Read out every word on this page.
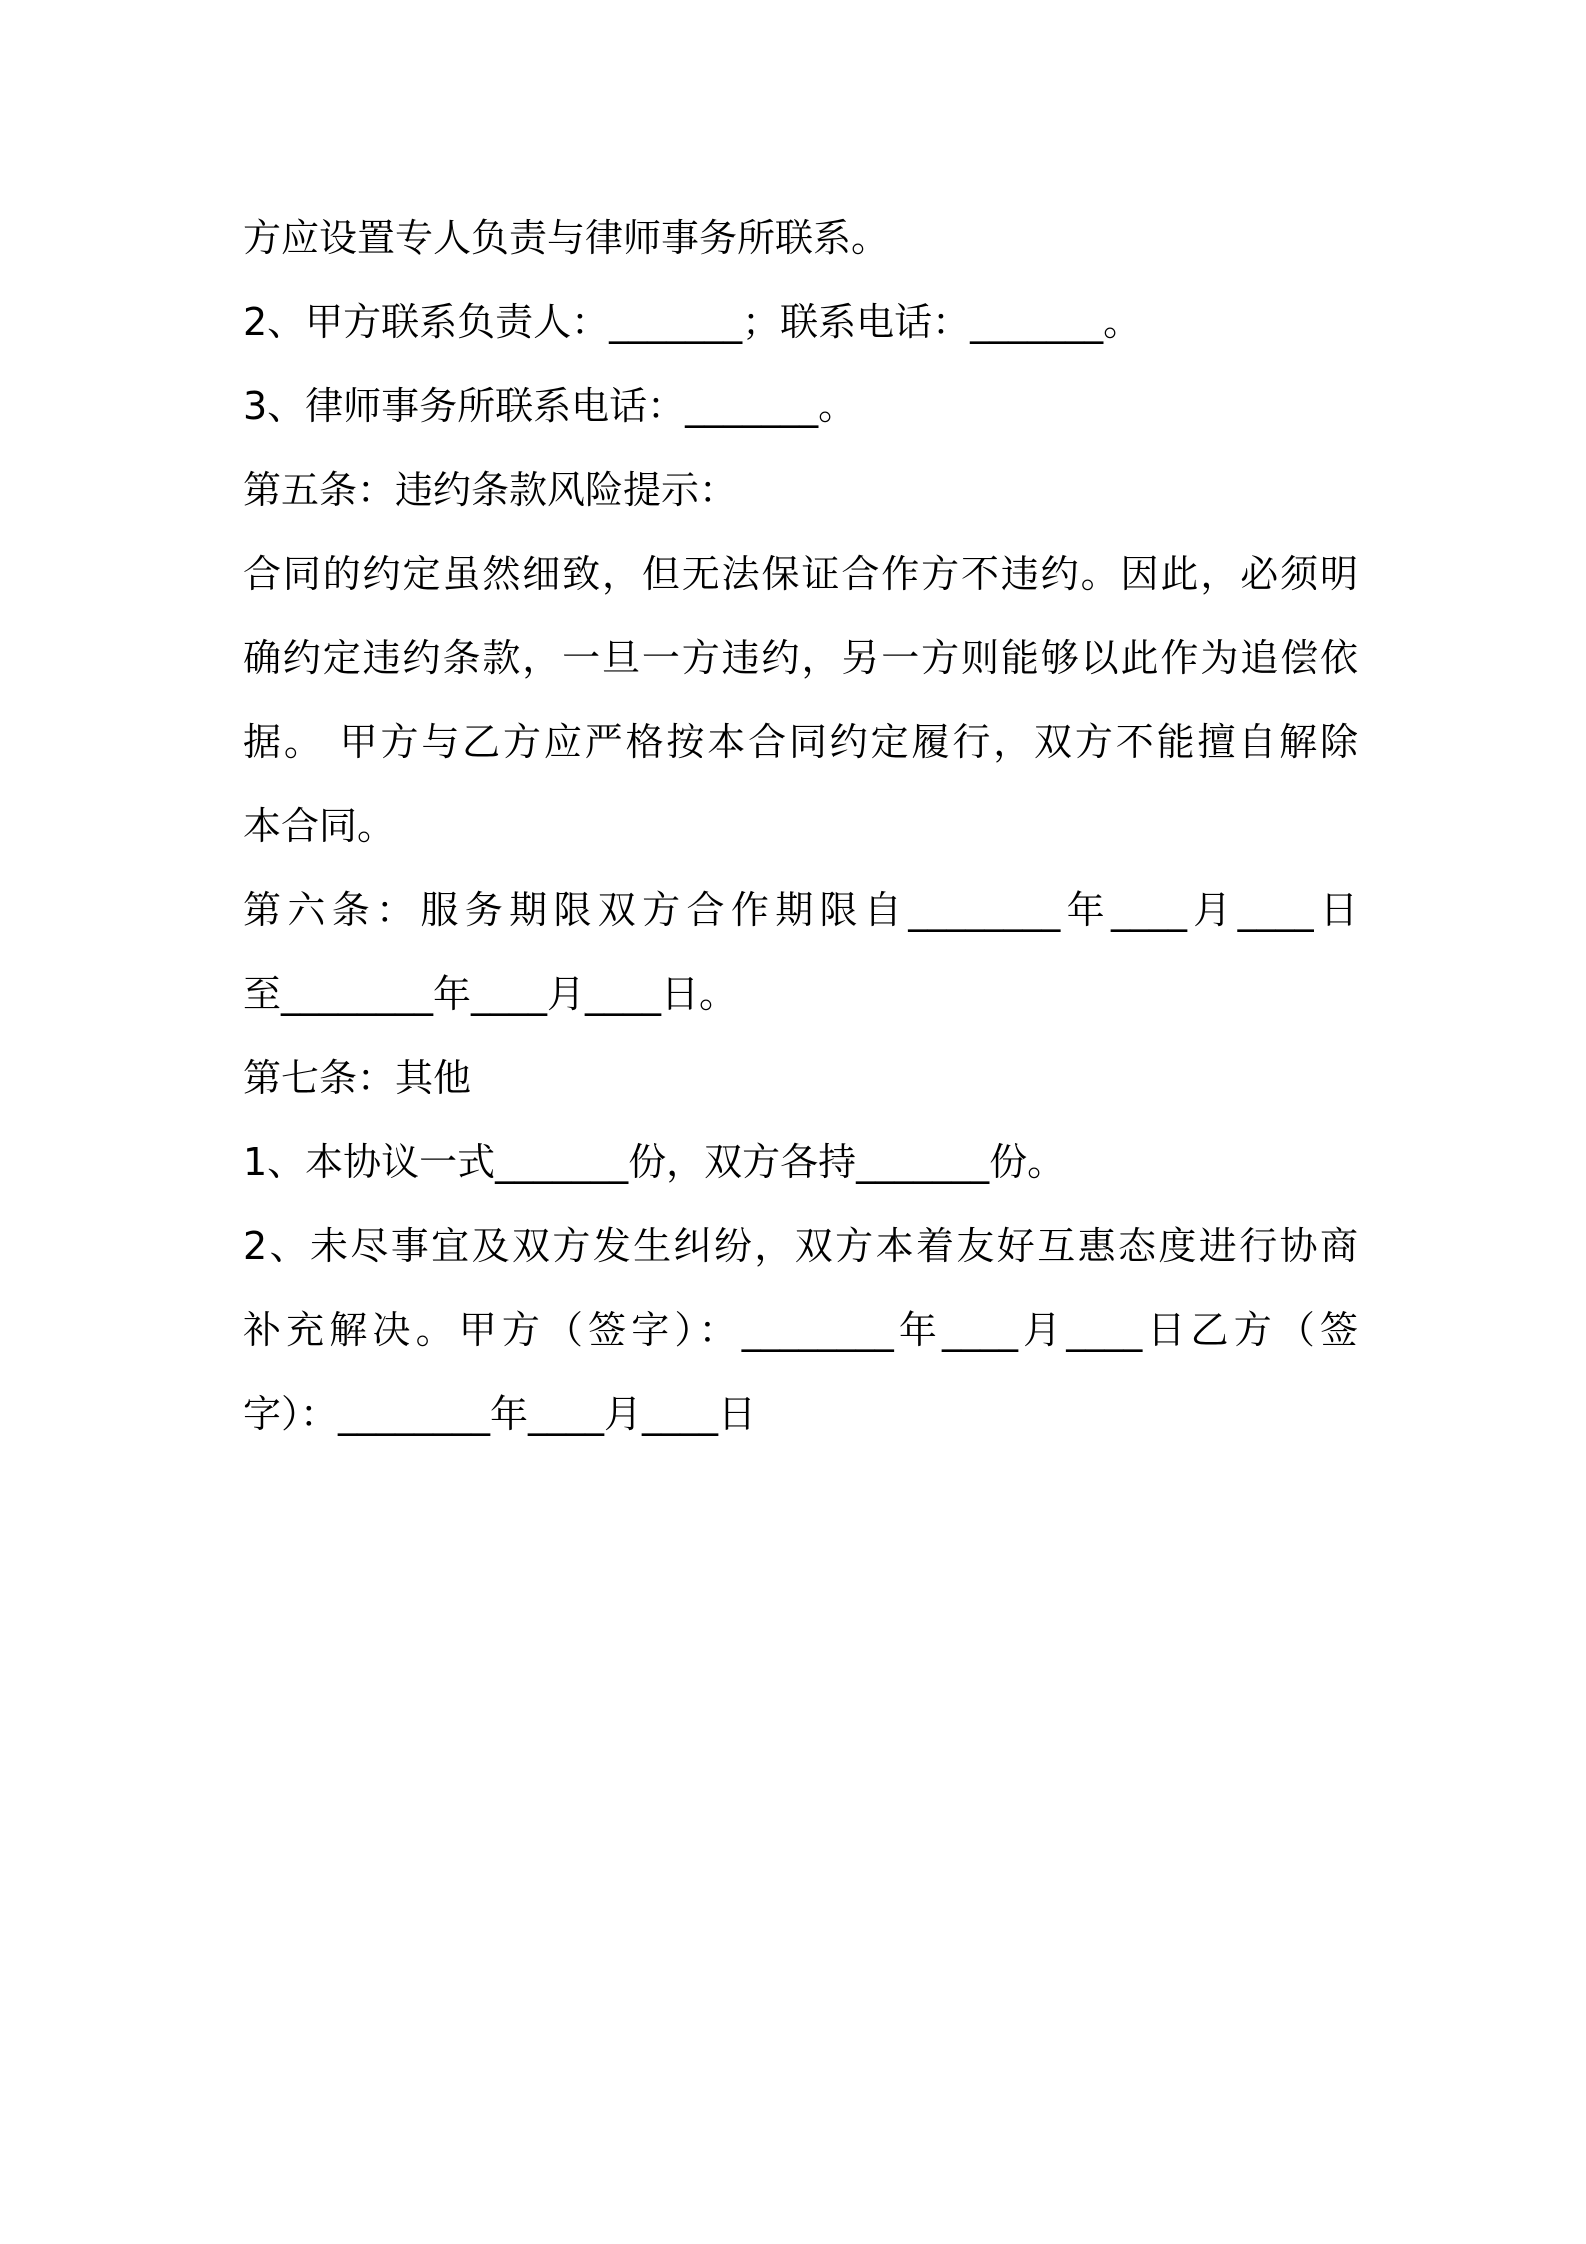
方应设置专人负责与律师事务所联系。
2、甲方联系负责人：_______；联系电话：_______。
3、律师事务所联系电话：_______。
第五条：违约条款风险提示：
合同的约定虽然细致，但无法保证合作方不违约。因此，必须明
确约定违约条款，一旦一方违约，另一方则能够以此作为追偿依
据。 甲方与乙方应严格按本合同约定履行，双方不能擅自解除
本合同。
第六条：服务期限双方合作期限自________年____月____日
至________年____月____日。
第七条：其他
1、本协议一式_______份，双方各持_______份。
2、未尽事宜及双方发生纠纷，双方本着友好互惠态度进行协商
补充解决。甲方（签字）：________年____月____日乙方（签
字）：________年____月____日
